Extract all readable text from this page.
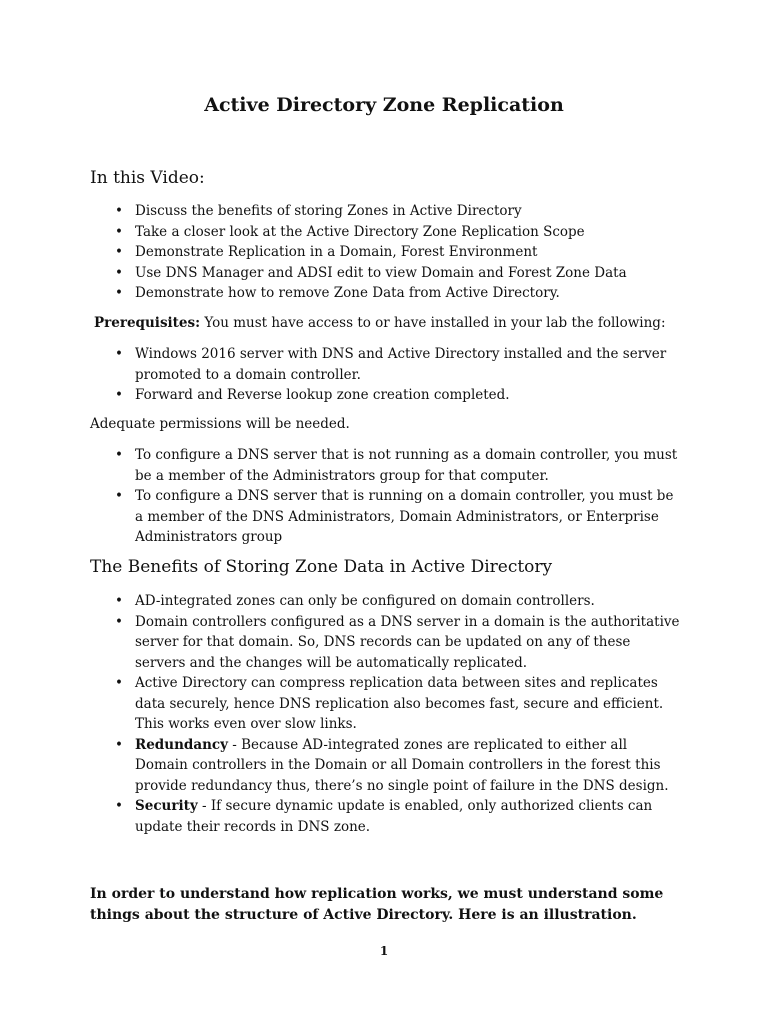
Active Directory Zone Replication
In this Video:
• Discuss the benefits of storing Zones in Active Directory
• Take a closer look at the Active Directory Zone Replication Scope
• Demonstrate Replication in a Domain, Forest Environment
• Use DNS Manager and ADSI edit to view Domain and Forest Zone Data
• Demonstrate how to remove Zone Data from Active Directory.

Prerequisites: You must have access to or have installed in your lab the following:

• Windows 2016 server with DNS and Active Directory installed and the server promoted to a domain controller.
• Forward and Reverse lookup zone creation completed.

Adequate permissions will be needed.

• To configure a DNS server that is not running as a domain controller, you must be a member of the Administrators group for that computer.
• To configure a DNS server that is running on a domain controller, you must be a member of the DNS Administrators, Domain Administrators, or Enterprise Administrators group
The Benefits of Storing Zone Data in Active Directory
• AD-integrated zones can only be configured on domain controllers.
• Domain controllers configured as a DNS server in a domain is the authoritative server for that domain. So, DNS records can be updated on any of these servers and the changes will be automatically replicated.
• Active Directory can compress replication data between sites and replicates data securely, hence DNS replication also becomes fast, secure and efficient. This works even over slow links.
• Redundancy - Because AD-integrated zones are replicated to either all Domain controllers in the Domain or all Domain controllers in the forest this provide redundancy thus, there’s no single point of failure in the DNS design.
• Security - If secure dynamic update is enabled, only authorized clients can update their records in DNS zone.

In order to understand how replication works, we must understand some things about the structure of Active Directory. Here is an illustration.

1
